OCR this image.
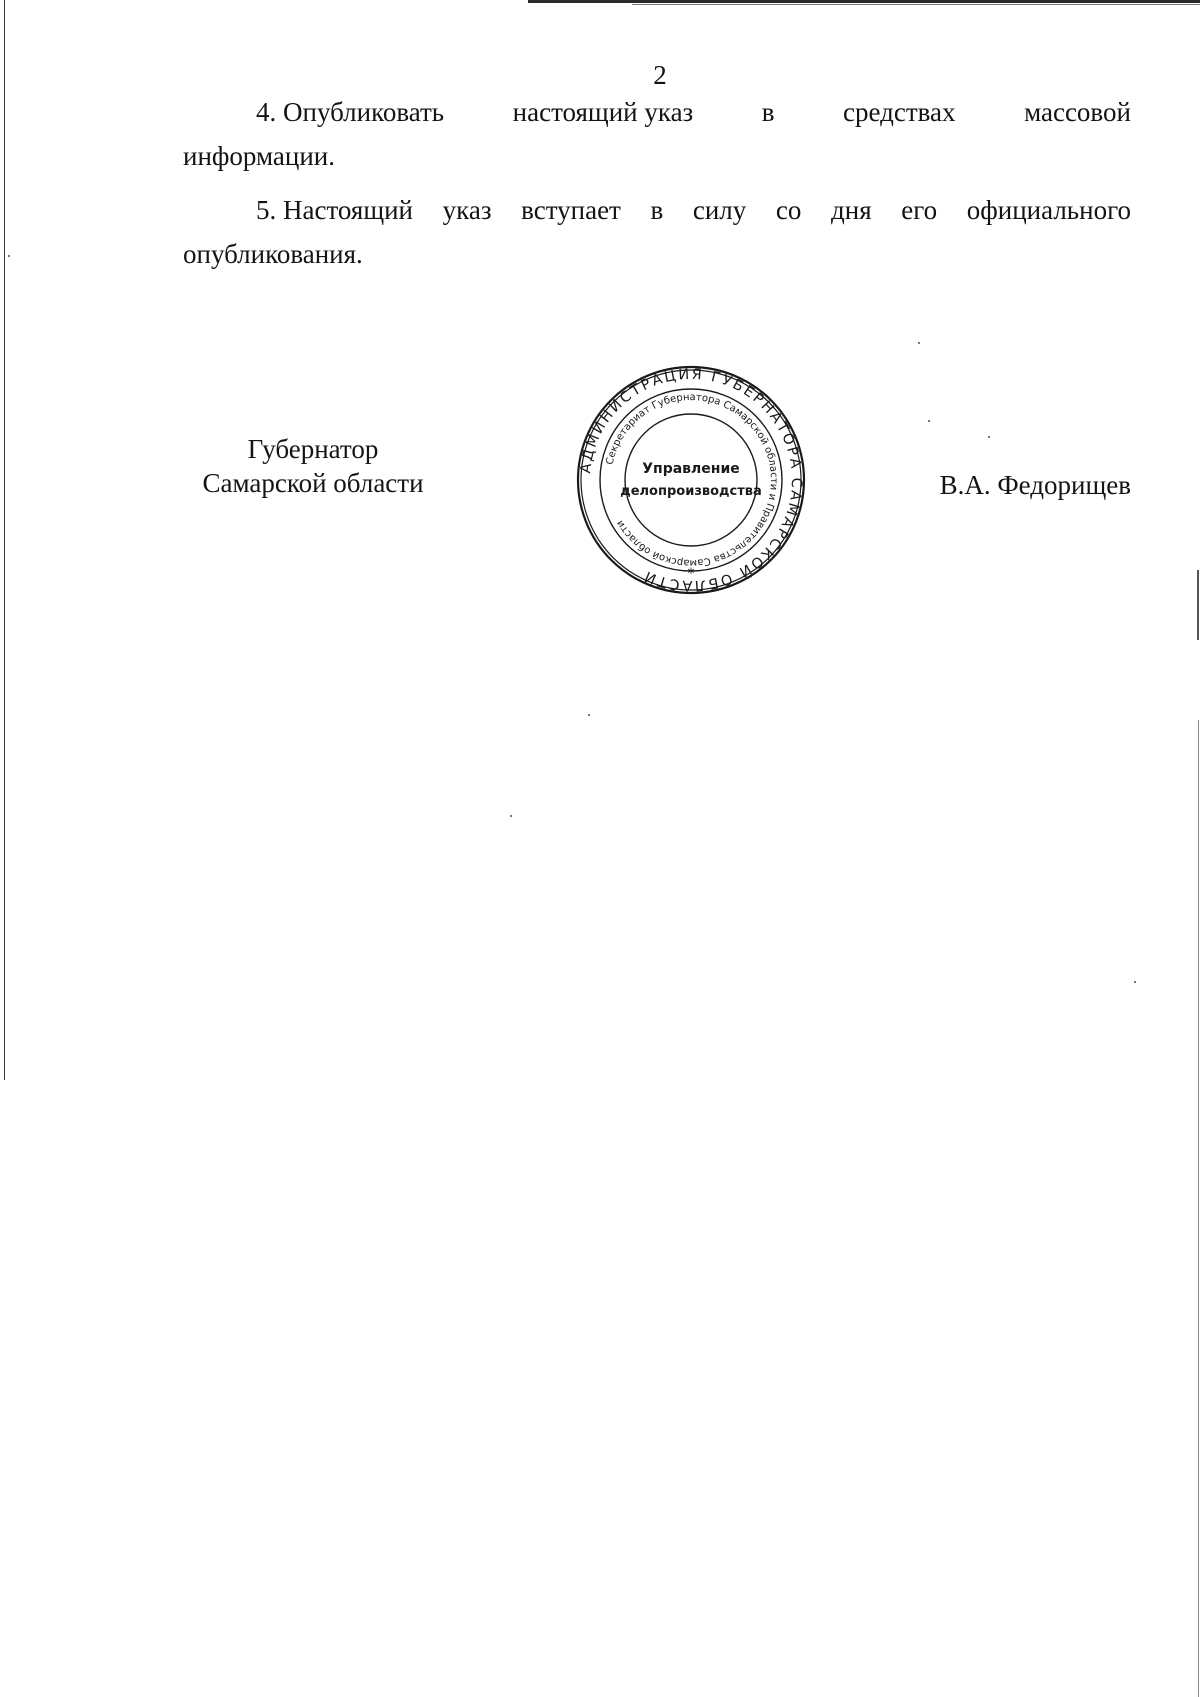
2
4. Опубликовать	настоящий указ	в	средствах	массовой
информации.
5. Настоящий указ вступает в силу со дня его официального
опубликования.
Губернатор
Самарской области
АДМИНИСТРАЦИЯ ГУБЕРНАТОРА САМАРСКОЙ ОБЛАСТИ
Секретариат Губернатора Самарской области и Правительства Самарской области
*
Управление
делопроизводства	В.А. Федорищев
